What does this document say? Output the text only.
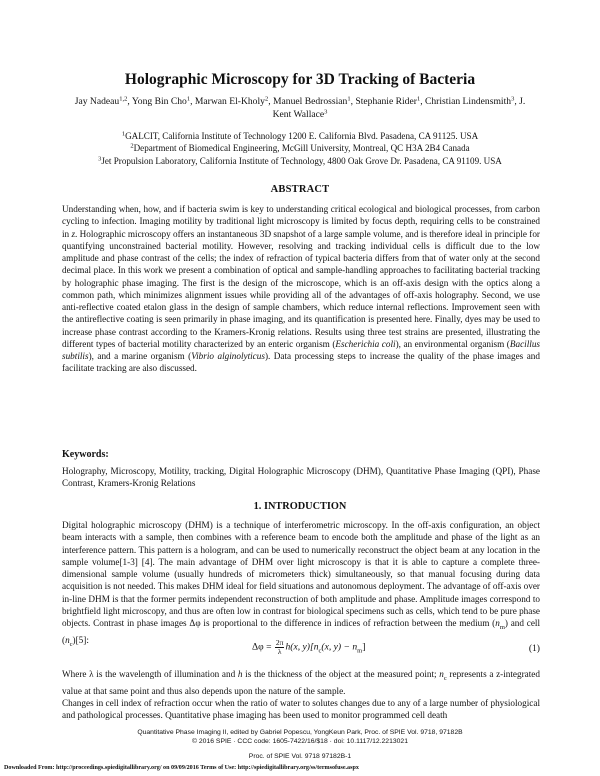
Holographic Microscopy for 3D Tracking of Bacteria
Jay Nadeau$^{1,2}$, Yong Bin Cho$^1$, Marwan El-Kholy$^2$, Manuel Bedrossian$^1$, Stephanie Rider$^1$, Christian Lindensmith$^3$, J.
Kent Wallace$^3$
$^1$GALCIT, California Institute of Technology 1200 E. California Blvd. Pasadena, CA 91125. USA
$^2$Department of Biomedical Engineering, McGill University, Montreal, QC H3A 2B4 Canada
$^3$Jet Propulsion Laboratory, California Institute of Technology, 4800 Oak Grove Dr. Pasadena, CA 91109. USA
ABSTRACT
Understanding when, how, and if bacteria swim is key to understanding critical ecological and biological processes, from carbon cycling to infection. Imaging motility by traditional light microscopy is limited by focus depth, requiring cells to be constrained in z. Holographic microscopy offers an instantaneous 3D snapshot of a large sample volume, and is therefore ideal in principle for quantifying unconstrained bacterial motility. However, resolving and tracking individual cells is difficult due to the low amplitude and phase contrast of the cells; the index of refraction of typical bacteria differs from that of water only at the second decimal place. In this work we present a combination of optical and sample-handling approaches to facilitating bacterial tracking by holographic phase imaging. The first is the design of the microscope, which is an off-axis design with the optics along a common path, which minimizes alignment issues while providing all of the advantages of off-axis holography. Second, we use anti-reflective coated etalon glass in the design of sample chambers, which reduce internal reflections. Improvement seen with the antireflective coating is seen primarily in phase imaging, and its quantification is presented here. Finally, dyes may be used to increase phase contrast according to the Kramers-Kronig relations. Results using three test strains are presented, illustrating the different types of bacterial motility characterized by an enteric organism (Escherichia coli), an environmental organism (Bacillus subtilis), and a marine organism (Vibrio alginolyticus). Data processing steps to increase the quality of the phase images and facilitate tracking are also discussed.
Keywords:
Holography, Microscopy, Motility, tracking, Digital Holographic Microscopy (DHM), Quantitative Phase Imaging (QPI), Phase Contrast, Kramers-Kronig Relations
1. INTRODUCTION
Digital holographic microscopy (DHM) is a technique of interferometric microscopy. In the off-axis configuration, an object beam interacts with a sample, then combines with a reference beam to encode both the amplitude and phase of the light as an interference pattern. This pattern is a hologram, and can be used to numerically reconstruct the object beam at any location in the sample volume[1-3] [4]. The main advantage of DHM over light microscopy is that it is able to capture a complete three-dimensional sample volume (usually hundreds of micrometers thick) simultaneously, so that manual focusing during data acquisition is not needed. This makes DHM ideal for field situations and autonomous deployment. The advantage of off-axis over in-line DHM is that the former permits independent reconstruction of both amplitude and phase. Amplitude images correspond to brightfield light microscopy, and thus are often low in contrast for biological specimens such as cells, which tend to be pure phase objects. Contrast in phase images Δφ is proportional to the difference in indices of refraction between the medium $(n_m)$ and cell $(n_c)[5]$:
$\Delta\varphi = \frac{2\pi}{\lambda} h(x$, $y)[n_c(x$, $y) - n_m$]	(1)
Where λ is the wavelength of illumination and h is the thickness of the object at the measured point; $n_c$ represents a z-integrated value at that same point and thus also depends upon the nature of the sample.
Changes in cell index of refraction occur when the ratio of water to solutes changes due to any of a large number of physiological and pathological processes. Quantitative phase imaging has been used to monitor programmed cell death
Quantitative Phase Imaging II, edited by Gabriel Popescu, YongKeun Park, Proc. of SPIE Vol. 9718, 97182B
© 2016 SPIE · CCC code: 1605-7422/16/$18 · doi: 10.1117/12.2213021
Proc. of SPIE Vol. 9718 97182B-1
Downloaded From: http://proceedings.spiedigitallibrary.org/ on 09/09/2016 Terms of Use: http://spiedigitallibrary.org/ss/termsofuse.aspx
